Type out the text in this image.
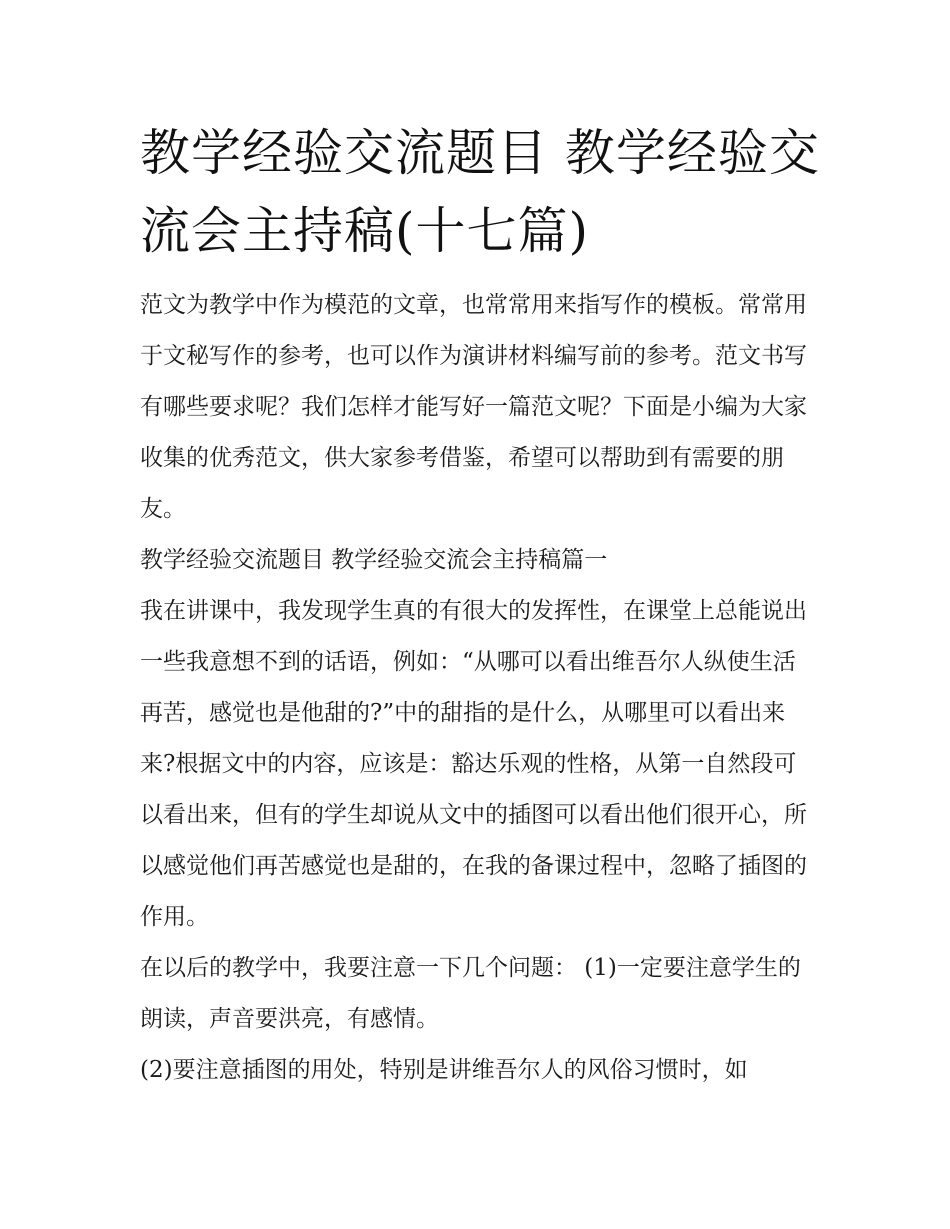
教学经验交流题目 教学经验交流会主持稿(十七篇)

范文为教学中作为模范的文章，也常常用来指写作的模板。常常用于文秘写作的参考，也可以作为演讲材料编写前的参考。范文书写有哪些要求呢？我们怎样才能写好一篇范文呢？下面是小编为大家收集的优秀范文，供大家参考借鉴，希望可以帮助到有需要的朋友。

教学经验交流题目 教学经验交流会主持稿篇一

我在讲课中，我发现学生真的有很大的发挥性，在课堂上总能说出一些我意想不到的话语，例如：“从哪可以看出维吾尔人纵使生活再苦，感觉也是他甜的?”中的甜指的是什么，从哪里可以看出来来?根据文中的内容，应该是：豁达乐观的性格，从第一自然段可以看出来，但有的学生却说从文中的插图可以看出他们很开心，所以感觉他们再苦感觉也是甜的，在我的备课过程中，忽略了插图的作用。

在以后的教学中，我要注意一下几个问题： (1)一定要注意学生的朗读，声音要洪亮，有感情。

(2)要注意插图的用处，特别是讲维吾尔人的风俗习惯时，如
